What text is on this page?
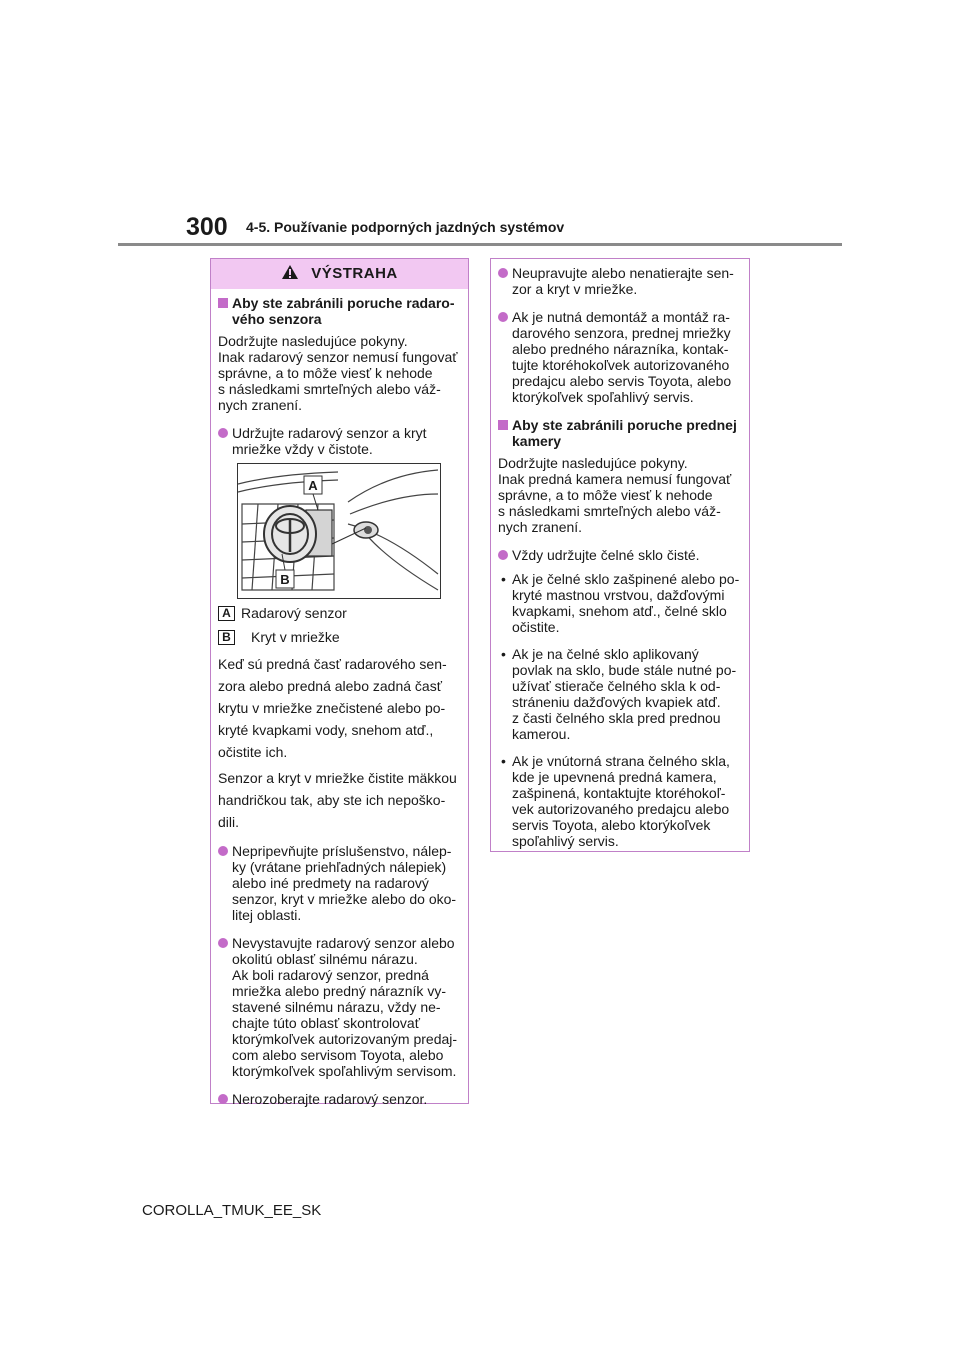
300 4-5. Používanie podporných jazdných systémov
VÝSTRAHA
Aby ste zabránili poruche radaro-
vého senzora
Dodržujte nasledujúce pokyny.
Inak radarový senzor nemusí fungovať
správne, a to môže viesť k nehode
s následkami smrteľných alebo váž-
nych zranení.
Udržujte radarový senzor a kryt
mriežke vždy v čistote.
A
B
A Radarový senzor
B Kryt v mriežke
Keď sú predná časť radarového sen-
zora alebo predná alebo zadná časť
krytu v mriežke znečistené alebo po-
kryté kvapkami vody, snehom atď.,
očistite ich.
Senzor a kryt v mriežke čistite mäkkou
handričkou tak, aby ste ich nepoško-
dili.
Nepripevňujte príslušenstvo, nálep-
ky (vrátane priehľadných nálepiek)
alebo iné predmety na radarový
senzor, kryt v mriežke alebo do oko-
litej oblasti.
Nevystavujte radarový senzor alebo
okolitú oblasť silnému nárazu.
Ak boli radarový senzor, predná
mriežka alebo predný nárazník vy-
stavené silnému nárazu, vždy ne-
chajte túto oblasť skontrolovať
ktorýmkoľvek autorizovaným predaj-
com alebo servisom Toyota, alebo
ktorýmkoľvek spoľahlivým servisom.
Nerozoberajte radarový senzor.
Neupravujte alebo nenatierajte sen-
zor a kryt v mriežke.
Ak je nutná demontáž a montáž ra-
darového senzora, prednej mriežky
alebo predného nárazníka, kontak-
tujte ktoréhokoľvek autorizovaného
predajcu alebo servis Toyota, alebo
ktorýkoľvek spoľahlivý servis.
Aby ste zabránili poruche prednej
kamery
Dodržujte nasledujúce pokyny.
Inak predná kamera nemusí fungovať
správne, a to môže viesť k nehode
s následkami smrteľných alebo váž-
nych zranení.
Vždy udržujte čelné sklo čisté.
• Ak je čelné sklo zašpinené alebo po-
kryté mastnou vrstvou, dažďovými
kvapkami, snehom atď., čelné sklo
očistite.
• Ak je na čelné sklo aplikovaný
povlak na sklo, bude stále nutné po-
užívať stierače čelného skla k od-
stráneniu dažďových kvapiek atď.
z časti čelného skla pred prednou
kamerou.
• Ak je vnútorná strana čelného skla,
kde je upevnená predná kamera,
zašpinená, kontaktujte ktoréhokoľ-
vek autorizovaného predajcu alebo
servis Toyota, alebo ktorýkoľvek
spoľahlivý servis.
COROLLA_TMUK_EE_SK
